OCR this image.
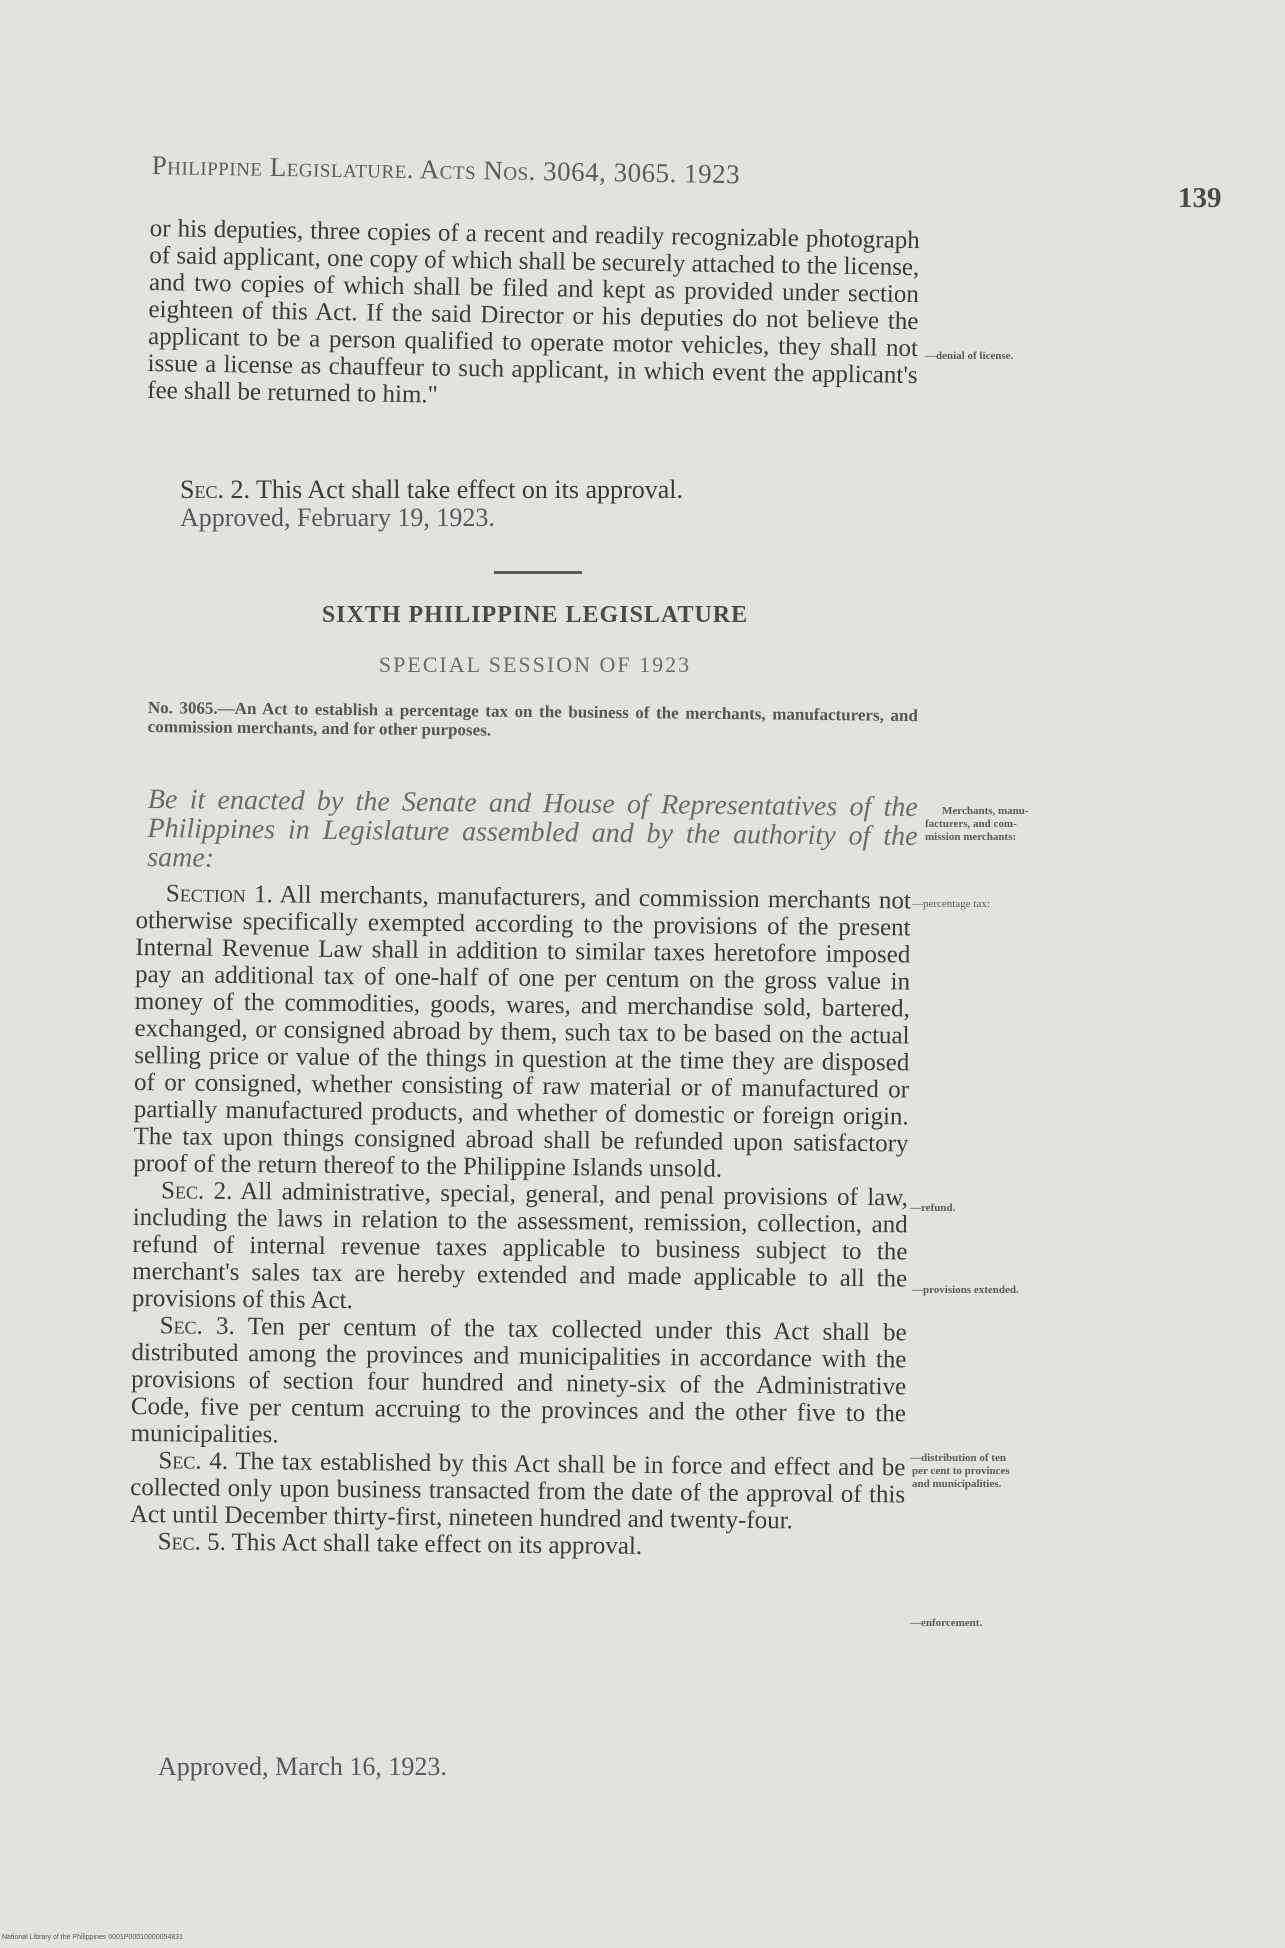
Philippine Legislature. Acts Nos. 3064, 3065. 1923
139
or his deputies, three copies of a recent and readily recognizable photograph of said applicant, one copy of which shall be securely attached to the license, and two copies of which shall be filed and kept as provided under section eighteen of this Act. If the said Director or his deputies do not believe the applicant to be a person qualified to operate motor vehicles, they shall not issue a license as chauffeur to such applicant, in which event the applicant's fee shall be returned to him."
Sec. 2. This Act shall take effect on its approval.
Approved, February 19, 1923.
SIXTH PHILIPPINE LEGISLATURE
SPECIAL SESSION OF 1923
No. 3065.—An Act to establish a percentage tax on the business of the merchants, manufacturers, and commission merchants, and for other purposes.
Be it enacted by the Senate and House of Representatives of the Philippines in Legislature assembled and by the authority of the same:

Section 1. All merchants, manufacturers, and commission merchants not otherwise specifically exempted according to the provisions of the present Internal Revenue Law shall in addition to similar taxes heretofore imposed pay an additional tax of one-half of one per centum on the gross value in money of the commodities, goods, wares, and merchandise sold, bartered, exchanged, or consigned abroad by them, such tax to be based on the actual selling price or value of the things in question at the time they are disposed of or consigned, whether consisting of raw material or of manufactured or partially manufactured products, and whether of domestic or foreign origin. The tax upon things consigned abroad shall be refunded upon satisfactory proof of the return thereof to the Philippine Islands unsold.

Sec. 2. All administrative, special, general, and penal provisions of law, including the laws in relation to the assessment, remission, collection, and refund of internal revenue taxes applicable to business subject to the merchant's sales tax are hereby extended and made applicable to all the provisions of this Act.

Sec. 3. Ten per centum of the tax collected under this Act shall be distributed among the provinces and municipalities in accordance with the provisions of section four hundred and ninety-six of the Administrative Code, five per centum accruing to the provinces and the other five to the municipalities.

Sec. 4. The tax established by this Act shall be in force and effect and be collected only upon business transacted from the date of the approval of this Act until December thirty-first, nineteen hundred and twenty-four.

Sec. 5. This Act shall take effect on its approval.

Approved, March 16, 1923.
—denial of license.
Merchants, manu-
facturers, and com-
mission merchants:
—percentage tax:
—refund.
—provisions extended.
—distribution of ten
per cent to provinces
and municipalities.
—enforcement.
National Library of the Philippines 0001P00010000054831
